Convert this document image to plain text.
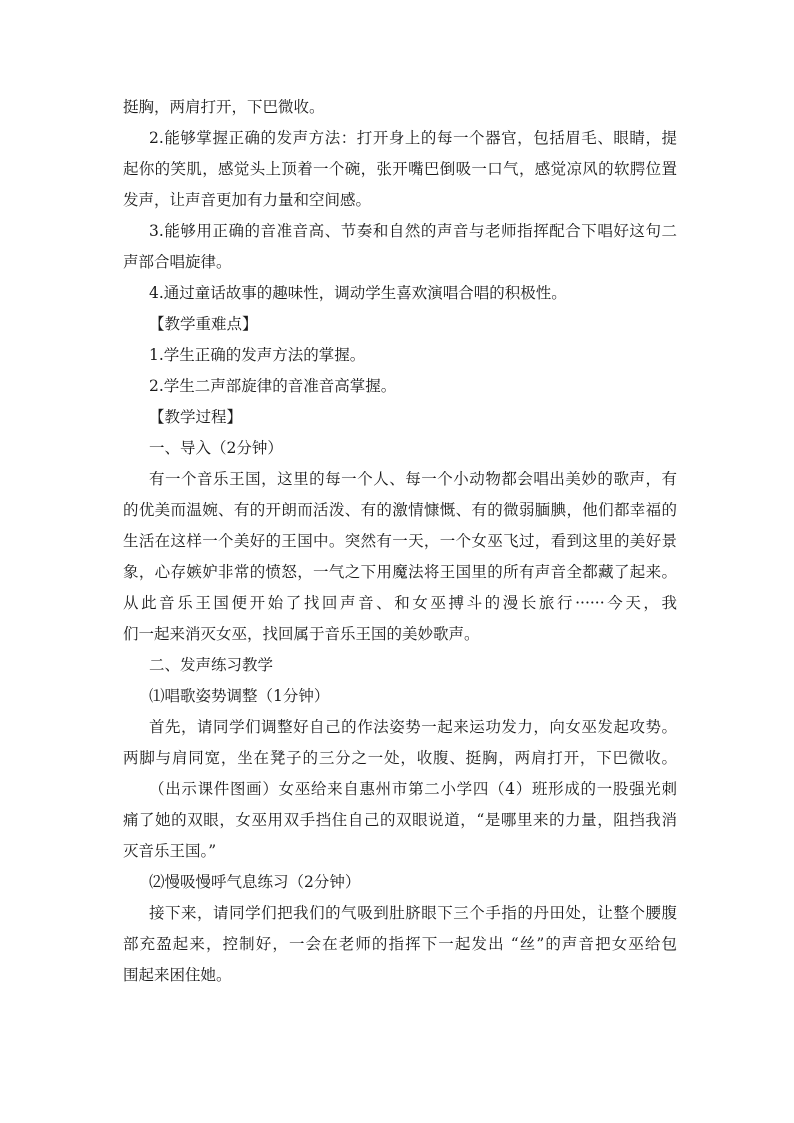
挺胸，两肩打开，下巴微收。
2.能够掌握正确的发声方法：打开身上的每一个器官，包括眉毛、眼睛，提
起你的笑肌，感觉头上顶着一个碗，张开嘴巴倒吸一口气，感觉凉风的软腭位置
发声，让声音更加有力量和空间感。
3.能够用正确的音准音高、节奏和自然的声音与老师指挥配合下唱好这句二
声部合唱旋律。
4.通过童话故事的趣味性，调动学生喜欢演唱合唱的积极性。
【教学重难点】
1.学生正确的发声方法的掌握。
2.学生二声部旋律的音准音高掌握。
【教学过程】
一、导入（2分钟）
有一个音乐王国，这里的每一个人、每一个小动物都会唱出美妙的歌声，有
的优美而温婉、有的开朗而活泼、有的激情慷慨、有的微弱腼腆，他们都幸福的
生活在这样一个美好的王国中。突然有一天，一个女巫飞过，看到这里的美好景
象，心存嫉妒非常的愤怒，一气之下用魔法将王国里的所有声音全都藏了起来。
从此音乐王国便开始了找回声音、和女巫搏斗的漫长旅行······今天，我
们一起来消灭女巫，找回属于音乐王国的美妙歌声。
二、发声练习教学
⑴唱歌姿势调整（1分钟）
首先，请同学们调整好自己的作法姿势一起来运功发力，向女巫发起攻势。
两脚与肩同宽，坐在凳子的三分之一处，收腹、挺胸，两肩打开，下巴微收。
（出示课件图画）女巫给来自惠州市第二小学四（4）班形成的一股强光刺
痛了她的双眼，女巫用双手挡住自己的双眼说道，“是哪里来的力量，阻挡我消
灭音乐王国。”
⑵慢吸慢呼气息练习（2分钟）
接下来，请同学们把我们的气吸到肚脐眼下三个手指的丹田处，让整个腰腹
部充盈起来，控制好，一会在老师的指挥下一起发出 “丝”的声音把女巫给包
围起来困住她。
